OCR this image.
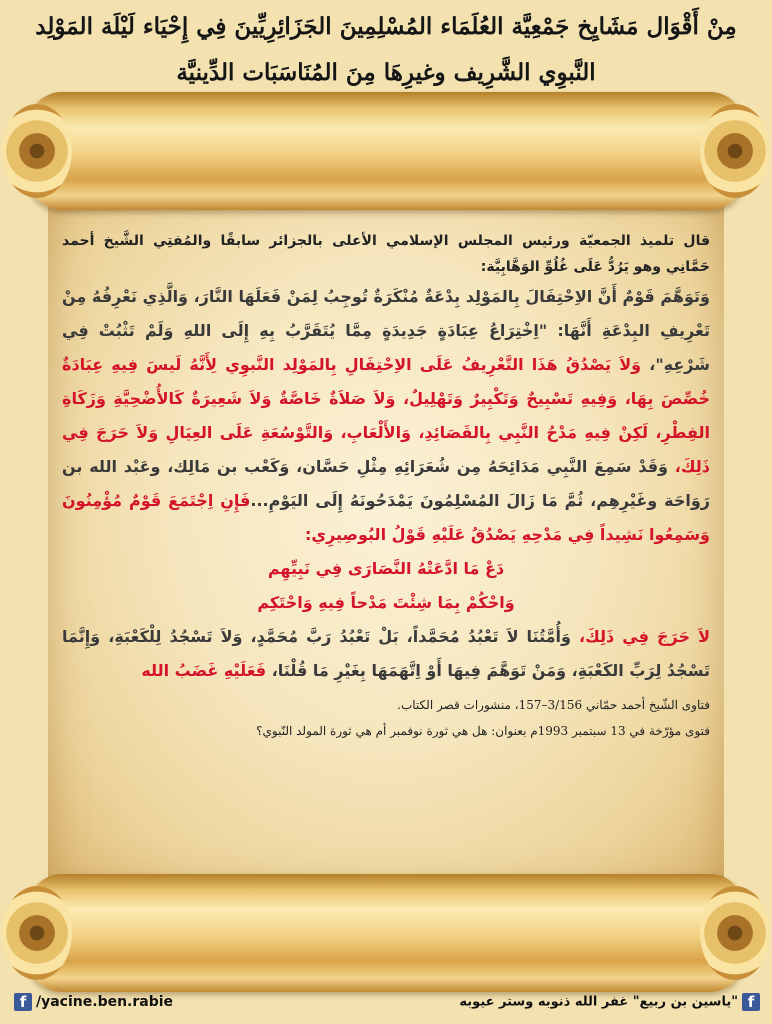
مِنْ أَقْوَال مَشَايِخ جَمْعِيَّة العُلَمَاء المُسْلِمِينَ الجَزَائِرِيِّينَ فِي إِحْيَاء لَيْلَة المَوْلِد
النَّبوِي الشَّرِيف وغيرِهَا مِنَ المُنَاسَبَات الدِّينيَّة

قال تلميذ الجمعيّة ورئيس المجلس الإسلامي الأعلى بالجزائر سابقًا والمُفتِي الشَّيخ أحمد حَمَّانِي وهو يَرُدُّ عَلَى غُلُوِّ الوَهَّابِيَّة:

وَتَوَهَّمَ قَوْمٌ أَنَّ الاِحْتِفَالَ بِالمَوْلِد بِدْعَةٌ مُنْكَرَةٌ تُوجِبُ لِمَنْ فَعَلَهَا النَّارَ، وَالَّذِي نَعْرِفُهُ مِنْ تَعْرِيفِ البِدْعَةِ أَنَّهَا: "اِخْتِرَاعُ عِبَادَةٍ جَدِيدَةٍ مِمَّا يُتَقَرَّبُ بِهِ إِلَى اللهِ وَلَمْ تَثْبُتْ فِي شَرْعِهِ"، وَلاَ يَصْدُقُ هَذَا التَّعْرِيفُ عَلَى الاِحْتِفَالِ بِالمَوْلِد النَّبوِي لِأَنَّهُ لَيسَ فِيهِ عِبَادَةٌ خُصِّصَ بِهَا، وَفِيهِ تَسْبِيحٌ وَتَكْبِيرٌ وَتَهْلِيلٌ، وَلاَ صَلاَةٌ خَاصَّةٌ وَلاَ شَعِيرَةٌ كَالأُضْحِيَّةِ وَزَكَاةِ الفِطْرِ، لَكِنْ فِيهِ مَدْحُ النَّبِي بِالقَصَائِدِ، وَالأَلْعَابِ، وَالتَّوْسُعَةِ عَلَى العِيَالِ وَلاَ حَرَجَ فِي ذَلِكَ، وَقَدْ سَمِعَ النَّبِي مَدَائِحَهُ مِن شُعَرَائِهِ مِثْلِ حَسَّان، وَكَعْب بن مَالِك، وعَبْد الله بن رَوَاحَة وغَيْرِهِم، ثُمَّ مَا زَالَ المُسْلِمُونَ يَمْدَحُونَهُ إِلَى اليَوْمِ...فَإِنِ اِجْتَمَعَ قَوْمٌ مُؤْمِنُونَ وَسَمِعُوا نَشِيداً فِي مَدْحِهِ يَصْدُقُ عَلَيْهِ قَوْلُ البُوصِيرِي:

دَعْ مَا ادَّعَتْهُ النَّصَارَى فِي نَبِيِّهِم

وَاحْكُمْ بِمَا شِئْتَ مَدْحاً فِيهِ وَاحْتَكِم

لاَ حَرَجَ فِي ذَلِكَ، وَأُمَّتُنَا لاَ تَعْبُدُ مُحَمَّداً، بَلْ تَعْبُدُ رَبَّ مُحَمَّدٍ، وَلاَ تَسْجُدُ لِلْكَعْبَةِ، وَإِنَّمَا تَسْجُدُ لِرَبِّ الكَعْبَةِ، وَمَنْ تَوَهَّمَ فِيهَا أَوْ اِتَّهَمَهَا بِغَيْرِ مَا قُلْنَا، فَعَلَيْهِ غَضَبُ الله

فتاوى الشّيخ أحمد حمّاني 3/156–157، منشورات قصر الكتاب.

فتوى مؤرّخة في 13 سبتمبر 1993م بعنوان: هل هي ثورة نوفمبر أم هي ثورة المولد النّبوي؟

f /yacine.ben.rabie	f"ياسين بن ربيع" غفر الله ذنوبه وستر عيوبه
